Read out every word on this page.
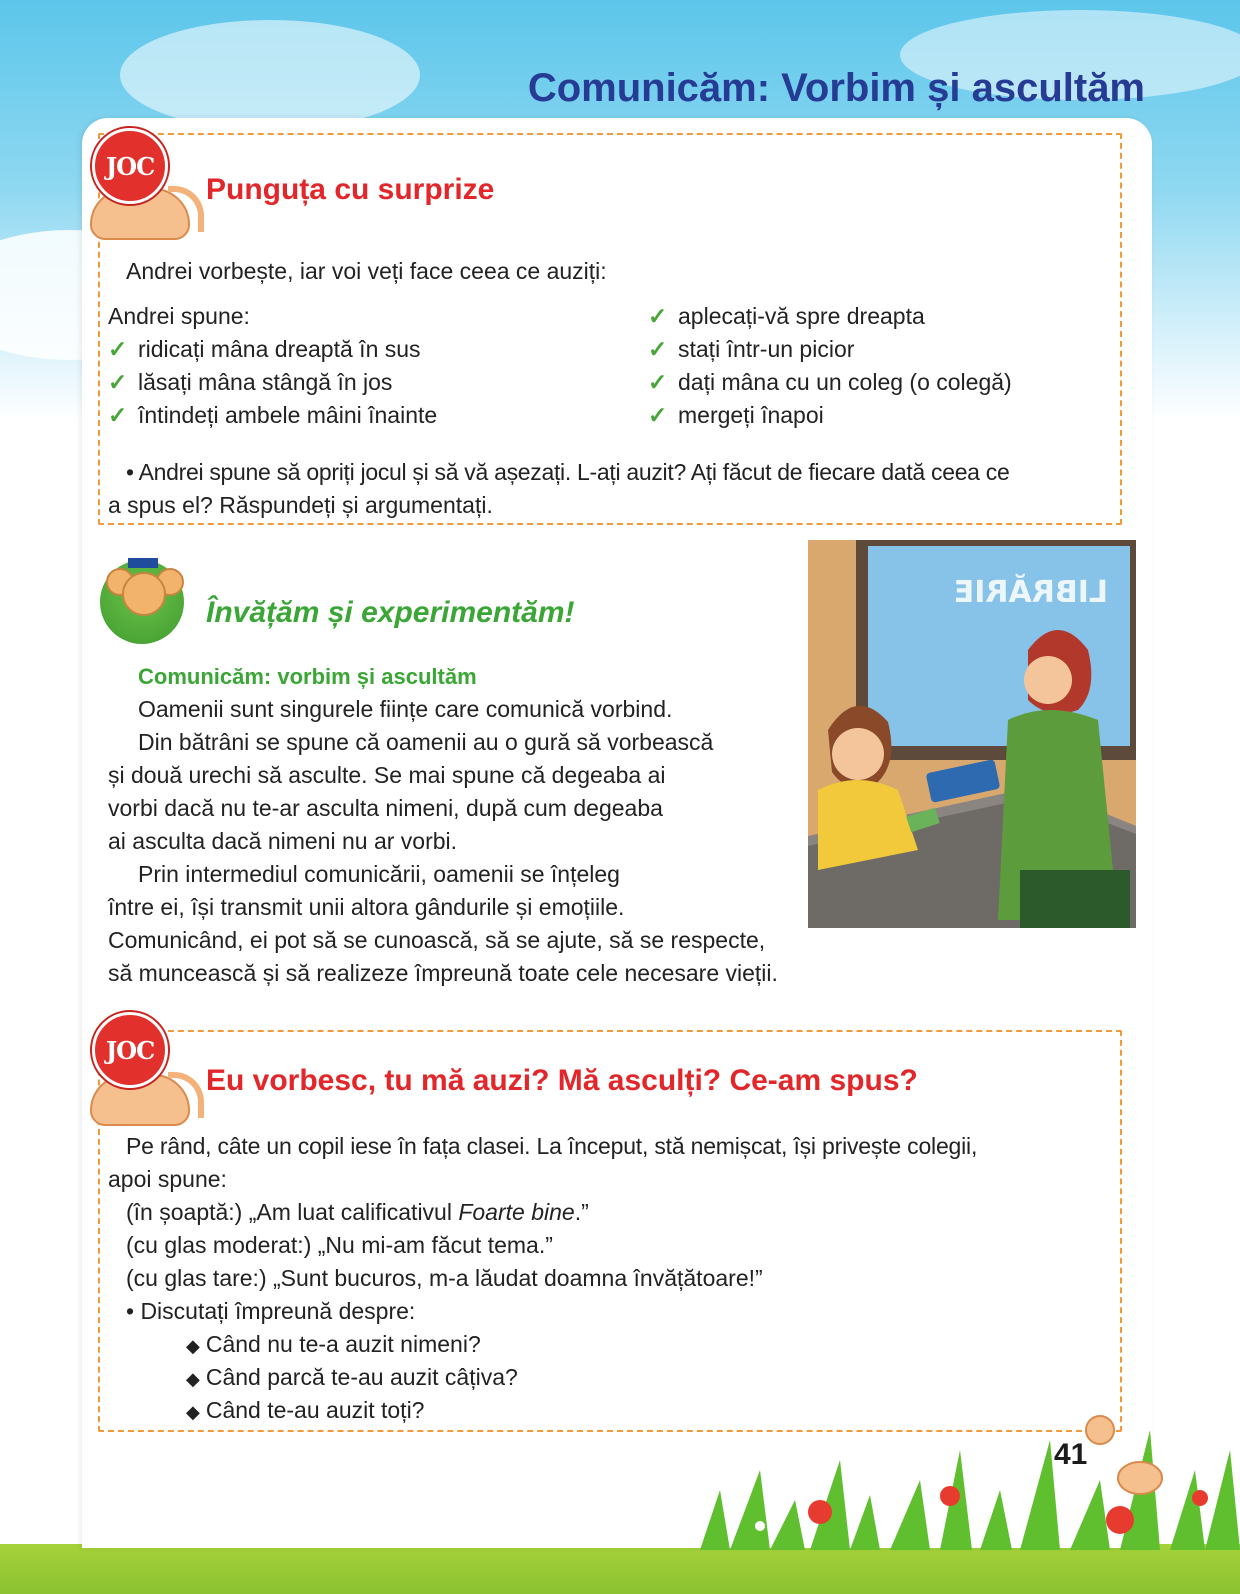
Comunicăm: Vorbim și ascultăm
JOC
Punguța cu surprize

Andrei vorbește, iar voi veți face ceea ce auziți:

Andrei spune:
✓ ridicați mâna dreaptă în sus
✓ lăsați mâna stângă în jos
✓ întindeți ambele mâini înainte
✓ aplecați-vă spre dreapta
✓ stați într-un picior
✓ dați mâna cu un coleg (o colegă)
✓ mergeți înapoi

• Andrei spune să opriți jocul și să vă așezați. L-ați auzit? Ați făcut de fiecare dată ceea ce

a spus el? Răspundeți și argumentați.

Învățăm și experimentăm!

Comunicăm: vorbim și ascultăm

Oamenii sunt singurele ființe care comunică vorbind.

Din bătrâni se spune că oamenii au o gură să vorbească

și două urechi să asculte. Se mai spune că degeaba ai

vorbi dacă nu te-ar asculta nimeni, după cum degeaba

ai asculta dacă nimeni nu ar vorbi.

Prin intermediul comunicării, oamenii se înțeleg

între ei, își transmit unii altora gândurile și emoțiile.

Comunicând, ei pot să se cunoască, să se ajute, să se respecte,

să muncească și să realizeze împreună toate cele necesare vieții.

LIBRĂRIE
JOC
Eu vorbesc, tu mă auzi? Mă asculți? Ce-am spus?

Pe rând, câte un copil iese în fața clasei. La început, stă nemișcat, își privește colegii,

apoi spune:

(în șoaptă:) „Am luat calificativul Foarte bine.”

(cu glas moderat:) „Nu mi-am făcut tema.”

(cu glas tare:) „Sunt bucuros, m-a lăudat doamna învățătoare!”

• Discutați împreună despre:

◆ Când nu te-a auzit nimeni?

◆ Când parcă te-au auzit câțiva?

◆ Când te-au auzit toți?

41
